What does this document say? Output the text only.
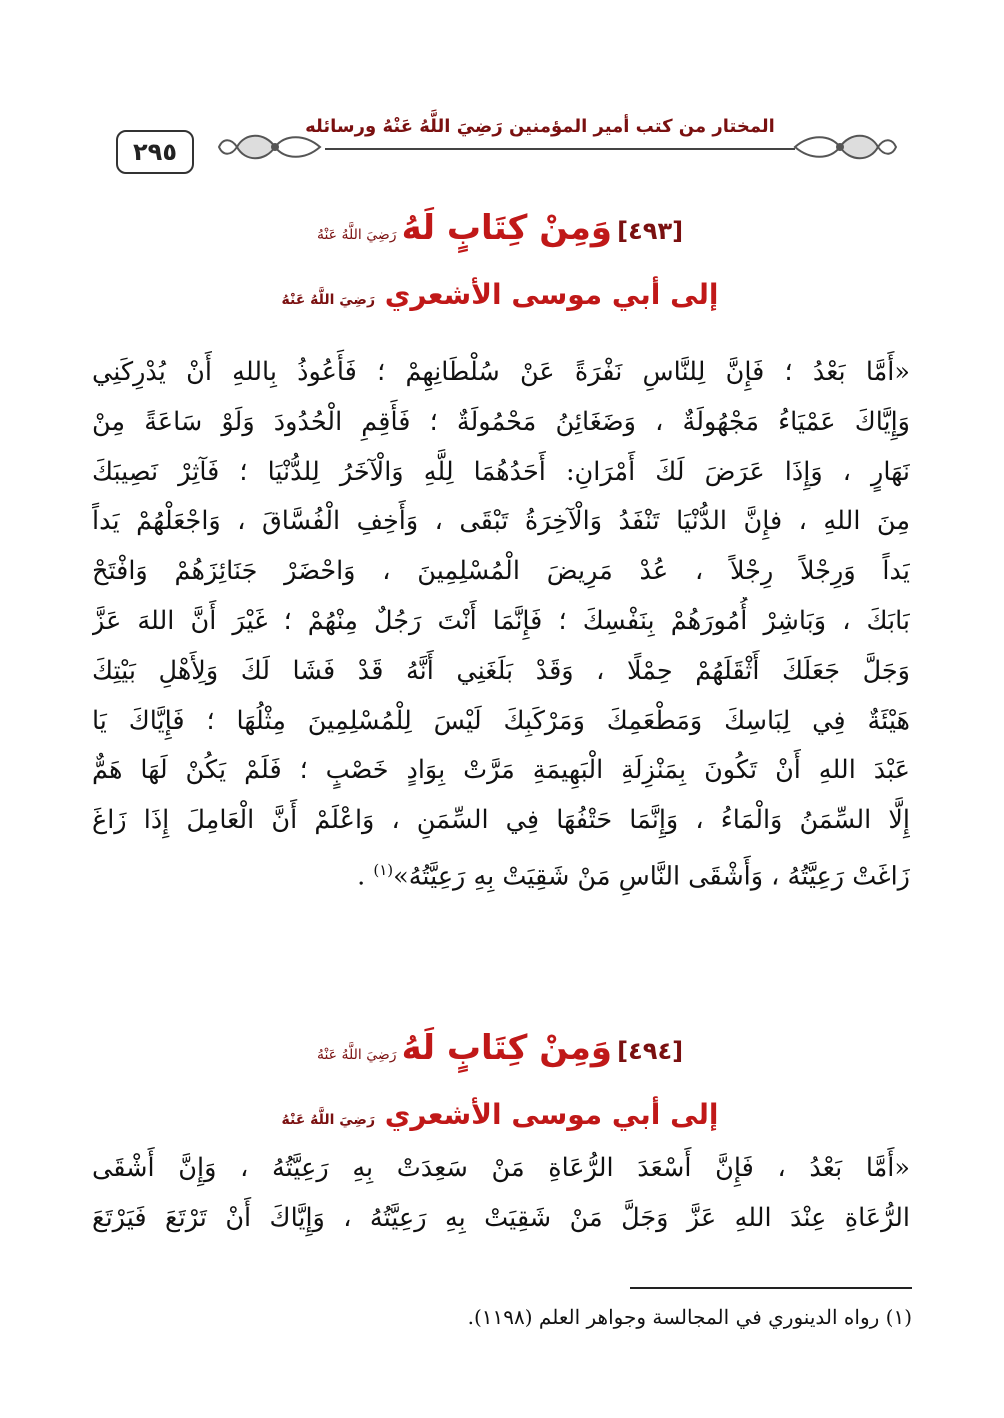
٢٩٥
المختار من كتب أمير المؤمنين رَضِيَ اللَّهُ عَنْهُ ورسائله
[٤٩٣] وَمِنْ كِتَابٍ لَهُ رَضِيَ اللَّهُ عَنْهُ
إلى أبي موسى الأشعري رَضِيَ اللَّهُ عَنْهُ
«أَمَّا بَعْدُ ؛ فَإِنَّ لِلنَّاسِ نَفْرَةً عَنْ سُلْطَانِهِمْ ؛ فَأَعُوذُ بِاللهِ أَنْ يُدْرِكَنِي
وَإِيَّاكَ عَمْيَاءُ مَجْهُولَةٌ ، وَضَغَائِنُ مَحْمُولَةٌ ؛ فَأَقِمِ الْحُدُودَ وَلَوْ سَاعَةً مِنْ
نَهَارٍ ، وَإِذَا عَرَضَ لَكَ أَمْرَانِ: أَحَدُهُمَا لِلَّهِ وَالْآخَرُ لِلدُّنْيَا ؛ فَآثِرْ نَصِيبَكَ
مِنَ اللهِ ، فإِنَّ الدُّنْيَا تَنْفَدُ وَالْآخِرَةُ تَبْقَى ، وَأَخِفِ الْفُسَّاقَ ، وَاجْعَلْهُمْ يَداً
يَداً وَرِجْلاً رِجْلاً ، عُدْ مَرِيضَ الْمُسْلِمِينَ ، وَاحْضَرْ جَنَائِزَهُمْ وَافْتَحْ
بَابَكَ ، وَبَاشِرْ أُمُورَهُمْ بِنَفْسِكَ ؛ فَإِنَّمَا أَنْتَ رَجُلٌ مِنْهُمْ ؛ غَيْرَ أَنَّ اللهَ عَزَّ
وَجَلَّ جَعَلَكَ أَثْقَلَهُمْ حِمْلًا ، وَقَدْ بَلَغَنِي أَنَّهُ قَدْ فَشَا لَكَ وَلِأَهْلِ بَيْتِكَ
هَيْئَةٌ فِي لِبَاسِكَ وَمَطْعَمِكَ وَمَرْكَبِكَ لَيْسَ لِلْمُسْلِمِينَ مِثْلُهَا ؛ فَإِيَّاكَ يَا
عَبْدَ اللهِ أَنْ تَكُونَ بِمَنْزِلَةِ الْبَهِيمَةِ مَرَّتْ بِوَادٍ خَصْبٍ ؛ فَلَمْ يَكُنْ لَهَا هَمٌّ
إِلَّا السِّمَنُ وَالْمَاءُ ، وَإِنَّمَا حَتْفُهَا فِي السِّمَنِ ، وَاعْلَمْ أَنَّ الْعَامِلَ إِذَا زَاغَ
زَاغَتْ رَعِيَّتُهُ ، وَأَشْقَى النَّاسِ مَنْ شَقِيَتْ بِهِ رَعِيَّتُهُ»$^{(١)}$ .
[٤٩٤] وَمِنْ كِتَابٍ لَهُ رَضِيَ اللَّهُ عَنْهُ
إلى أبي موسى الأشعري رَضِيَ اللَّهُ عَنْهُ
«أَمَّا بَعْدُ ، فَإِنَّ أَسْعَدَ الرُّعَاةِ مَنْ سَعِدَتْ بِهِ رَعِيَّتُهُ ، وَإِنَّ أَشْقَى
الرُّعَاةِ عِنْدَ اللهِ عَزَّ وَجَلَّ مَنْ شَقِيَتْ بِهِ رَعِيَّتُهُ ، وَإِيَّاكَ أَنْ تَرْتَعَ فَيَرْتَعَ
(١) رواه الدينوري في المجالسة وجواهر العلم (١١٩٨).
